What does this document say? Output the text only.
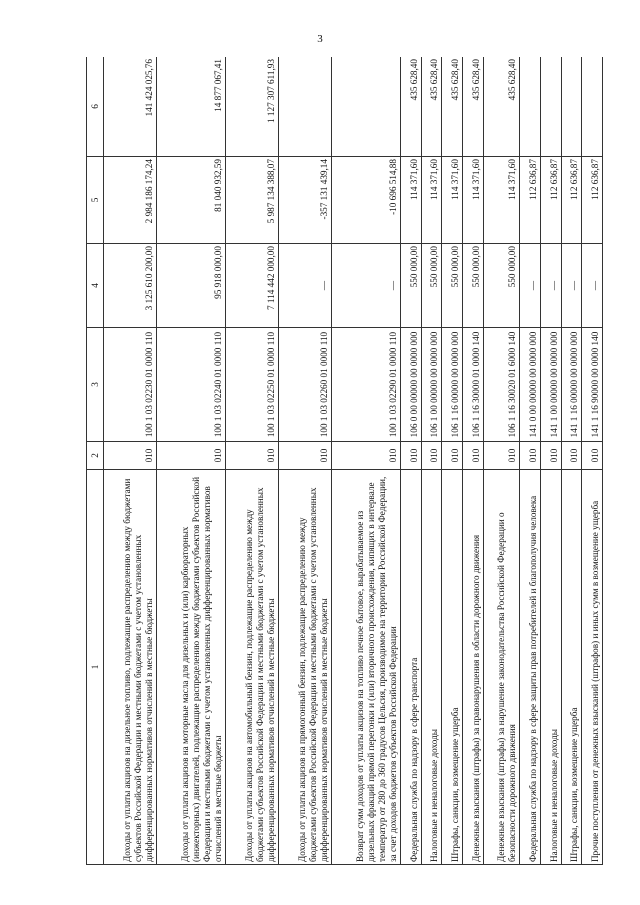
3
1	2	3	4	5	6
Доходы от уплаты акцизов на дизельное топливо, подлежащие распределению между бюджетами субъектов Российской Федерации и местными бюджетами с учетом установленных дифференцированных нормативов отчислений в местные бюджеты	010	100 1 03 02230 01 0000 110	3 125 610 200,00	2 984 186 174,24	141 424 025,76
Доходы от уплаты акцизов на моторные масла для дизельных и (или) карбюраторных (инжекторных) двигателей, подлежащие распределению между бюджетами субъектов Российской Федерации и местными бюджетами с учетом установленных дифференцированных нормативов отчислений в местные бюджеты	010	100 1 03 02240 01 0000 110	95 918 000,00	81 040 932,59	14 877 067,41
Доходы от уплаты акцизов на автомобильный бензин, подлежащие распределению между бюджетами субъектов Российской Федерации и местными бюджетами с учетом установленных дифференцированных нормативов отчислений в местные бюджеты	010	100 1 03 02250 01 0000 110	7 114 442 000,00	5 987 134 388,07	1 127 307 611,93
Доходы от уплаты акцизов на прямогонный бензин, подлежащие распределению между бюджетами субъектов Российской Федерации и местными бюджетами с учетом установленных дифференцированных нормативов отчислений в местные бюджеты	010	100 1 03 02260 01 0000 110	—	-357 131 439,14	
Возврат сумм доходов от уплаты акцизов на топливо печное бытовое, вырабатываемое из дизельных фракций прямой перегонки и (или) вторичного происхождения, кипящих в интервале температур от 280 до 360 градусов Цельсия, производимое на территории Российской Федерации, за счет доходов бюджетов субъектов Российской Федерации	010	100 1 03 02290 01 0000 110	—	-10 696 514,88	
Федеральная служба по надзору в сфере транспорта	010	106 0 00 00000 00 0000 000	550 000,00	114 371,60	435 628,40
Налоговые и неналоговые доходы	010	106 1 00 00000 00 0000 000	550 000,00	114 371,60	435 628,40
Штрафы, санкции, возмещение ущерба	010	106 1 16 00000 00 0000 000	550 000,00	114 371,60	435 628,40
Денежные взыскания (штрафы) за правонарушения в области дорожного движения	010	106 1 16 30000 01 0000 140	550 000,00	114 371,60	435 628,40
Денежные взыскания (штрафы) за нарушение законодательства Российской Федерации о безопасности дорожного движения	010	106 1 16 30020 01 6000 140	550 000,00	114 371,60	435 628,40
Федеральная служба по надзору в сфере защиты прав потребителей и благополучия человека	010	141 0 00 00000 00 0000 000	—	112 636,87	
Налоговые и неналоговые доходы	010	141 1 00 00000 00 0000 000	—	112 636,87	
Штрафы, санкции, возмещение ущерба	010	141 1 16 00000 00 0000 000	—	112 636,87	
Прочие поступления от денежных взысканий (штрафов) и иных сумм в возмещение ущерба	010	141 1 16 90000 00 0000 140	—	112 636,87	
